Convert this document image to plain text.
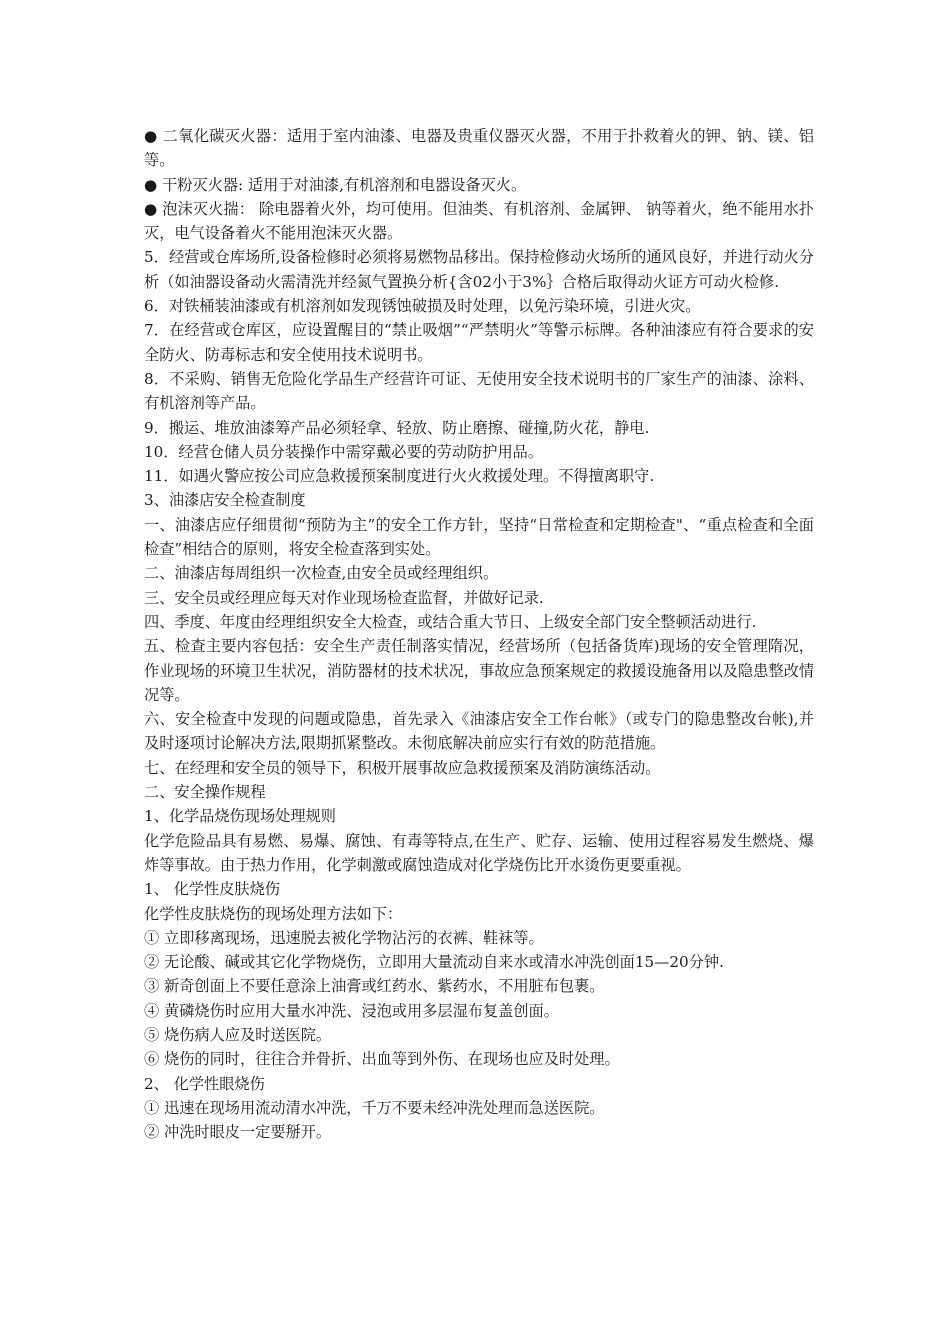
● 二氧化碳灭火器：适用于室内油漆、电器及贵重仪器灭火器，不用于扑救着火的钾、钠、镁、铝等。

● 干粉灭火器: 适用于对油漆,有机溶剂和电器设备灭火。

● 泡沫灭火揣： 除电器着火外，均可使用。但油类、有机溶剂、金属钾、 钠等着火，绝不能用水扑灭，电气设备着火不能用泡沫灭火器。

5．经营或仓库场所,设备检修时必须将易燃物品移出。保持检修动火场所的通风良好，并进行动火分析（如油器设备动火需清洗并经氮气置换分析{含02小于3%｝合格后取得动火证方可动火检修.

6．对铁桶装油漆或有机溶剂如发现锈蚀破损及时处理，以免污染环境，引进火灾。

7．在经营或仓库区，应设置醒目的“禁止吸烟”“严禁明火”等警示标牌。各种油漆应有符合要求的安全防火、防毒标志和安全使用技术说明书。

8．不采购、销售无危险化学品生产经营许可证、无使用安全技术说明书的厂家生产的油漆、涂料、有机溶剂等产品。

9．搬运、堆放油漆筹产品必须轻拿、轻放、防止磨擦、碰撞,防火花，静电.

10．经营仓储人员分装操作中需穿戴必要的劳动防护用品。

11．如遇火警应按公司应急救援预案制度进行火火救援处理。不得擅离职守.

3、油漆店安全检查制度

一、油漆店应仔细贯彻“预防为主”的安全工作方针，坚持“日常检查和定期检查"、“重点检查和全面检查”相结合的原则，将安全检查落到实处。

二、油漆店每周组织一次检查,由安全员或经理组织。

三、安全员或经理应每天对作业现场检查监督，并做好记录.

四、季度、年度由经理组织安全大检查，或结合重大节日、上级安全部门安全整顿活动进行.

五、检查主要内容包括：安全生产责任制落实情况，经营场所（包括备货库)现场的安全管理隋况，作业现场的环境卫生状况，消防器材的技术状况，事故应急预案规定的救援设施备用以及隐患整改情况等。

六、安全检查中发现的问题或隐患，首先录入《油漆店安全工作台帐》（或专门的隐患整改台帐),并及时逐项讨论解决方法,限期抓紧整改。未彻底解决前应实行有效的防范措施。

七、在经理和安全员的领导下，积极开展事故应急救援预案及消防演练活动。

二、安全操作规程

1、化学品烧伤现场处理规则

化学危险品具有易燃、易爆、腐蚀、有毒等特点,在生产、贮存、运输、使用过程容易发生燃烧、爆炸等事故。由于热力作用，化学刺激或腐蚀造成对化学烧伤比开水烫伤更要重视。

1、 化学性皮肤烧伤

化学性皮肤烧伤的现场处理方法如下：

① 立即移离现场，迅速脱去被化学物沾污的衣裤、鞋袜等。

② 无论酸、碱或其它化学物烧伤，立即用大量流动自来水或清水冲洗创面15—20分钟.

③ 新奇创面上不要任意涂上油膏或红药水、紫药水，不用脏布包裹。

④ 黄磷烧伤时应用大量水冲洗、浸泡或用多层湿布复盖创面。

⑤ 烧伤病人应及时送医院。

⑥ 烧伤的同时，往往合并骨折、出血等到外伤、在现场也应及时处理。

2、 化学性眼烧伤

① 迅速在现场用流动清水冲洗，千万不要未经冲洗处理而急送医院。

② 冲洗时眼皮一定要掰开。
